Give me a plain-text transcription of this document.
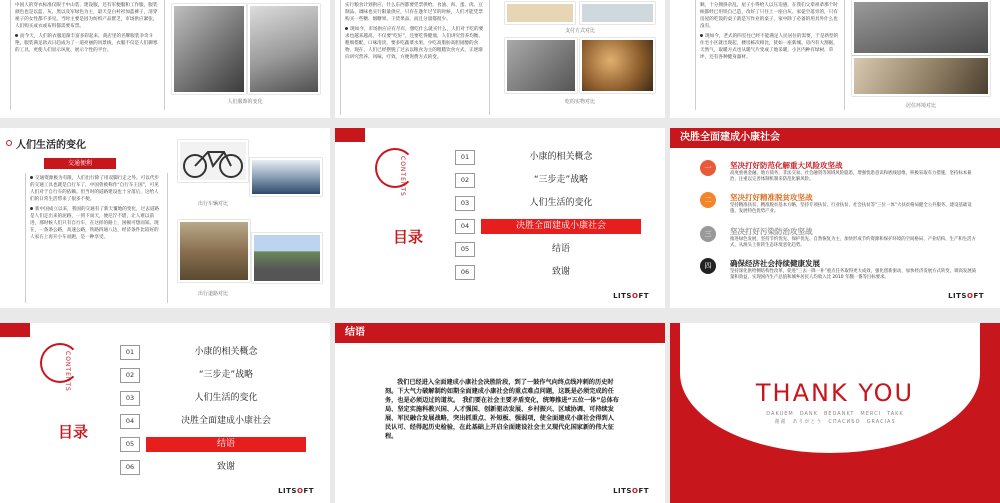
中国人的穿衣标准仅限于中山装、建设服，还有军便服和工作服，服装颜色也是以蓝、灰、黑以及军绿色为主，最天是白衬衫加蓝裤子，清穿裙子的女性都不多见。当时主要是因为纺织产品匮乏，市场供应紧张，人们购买成衣或布料都需要布票。

而今天，人们的衣服追渐丰富多彩起来，商店里的名牌服装争奇斗艳，服装满足款式日趋成为了一道亮丽的风景线，衣服不仅是人们御寒的工具，更使人们显示风度、展示个性的平台。

人们服饰的变化

实行粮食计划供应，什么东西都要凭票供给，食油、肉、蛋、肉、豆制品、调味也实行限量供应，只有在逢年过节的时候，人们才能凭票购买一些糖、烟糖果、干货果品、而且分量都很少。

现如今，市场供应应有尽有，想吃什么就买什么，人们对于吃的要求也越来越高，不仅要“吃好”，还要吃得健康，人们讲究营养均衡、粗细搭配，口味清淡，要多吃蔬菜水果，少吃高脂肪高胆固醇的食物，现在，人们已经摆脱了过去以粮食为主的粗糙饮食方式，正逐渐向讲究营养、风味、疗效、方便询费方式转变。

支付方式对比
吃的实物对比

顺，十分拥挤杂乱，屋子小得给人以压迫感，在我们父辈祖辈那个时候都经已用铁自己造，改好了只住上一座白灰、家徒空落旁的，只有房屋的吃饭的桌子就是写作业的桌子，家中除了必备的用具外什么也没有。

现如今，老式的四室往已经不能满足人民居住的需要，于是新型的住宅小区就出现起，楼房栋次相比，犹如一座新城。房内有大割据，天然气，取暖方式也从暖气片变成了地采暖，小区内种有绿树、草坪，还有各种健身器材。

居住环境对比
人们生活的变化
交通便利

交通资源极为有限，人们出行除了用双脚行走之外，可以代步的交通工具也就是自行车了，中国曾被称作“自行车王国”，可见人们对于自行车的依赖。但当时的道路建设也十分落后，这给人们的日常生活带来了很多不便。

新中国成立以来，我国的交通有了新天覆地的变化，过去道路是人们走出来的泥路，一到下雨天，便尼泞不堪，让人难以前进，那时候人们只有自行车，在这样的路上，困顿可想而知。现在，一条条公路，高速公路，铁路四通八达，经济条件比较好的人家在上再开小车而跑，是一种享受。

出行车辆对比
出行道路对比
CONTENTS
目录
01	小康的相关概念
02	“三步走”战略
03	人们生活的变化
04	决胜全面建成小康社会
05	结语
06	致谢
LITSOFT
决胜全面建成小康社会
一	坚决打好防范化解重大风险攻坚战
高度重视金融、地方债务、非法交易、社会融资等领域风险隐患，增强忧患意识和底线思维，积极采取有力措施，坚持标本兼治，注重以完善体制机制来防范化解风险。
二	坚决打好精准脱贫攻坚战
坚持精准扶贫、精准脱贫基本方略，坚持专项扶贫、行业扶贫、社会扶贫等“三位一体”大扶贫格局健全公共服务、建设基础设施、发展特色优势产业。
三	坚决打好污染防治攻坚战
推进绿色发展，坚持节约优先、保护优先、自然恢复为主，加快形成节约资源和保护环境的空间格局、产业结构、生产和生活方式，从源头上扭转生态环境恶化趋势。
四	确保经济社会持续健康发展
坚持深化供给侧结构性改革，促进“三去一降一补”重点任务取得更大成效，强化创新驱动，加快经济发展方式转变，调高发展质量和效益，实现国内生产总值和城乡居民人均收入比 2010 年翻一番等目标要求。
LITSOFT
CONTENTS
目录
01	小康的相关概念
02	“三步走”战略
03	人们生活的变化
04	决胜全面建成小康社会
05	结语
06	致谢
LITSOFT
结语
我们已经进入全面建成小康社会决胜阶段，到了一鼓作气向终点线冲刺的历史时刻。下大气力破解制约如期全面建成小康社会的重点难点问题，这既是必须完成的任务，也是必须迈过的道坎。　我们要在社会主要矛盾变化，统筹推进“五位一体”总体布局、坚定实施科教兴国、人才强国、创新驱动发展、乡村振兴、区域协调、可持续发展、军民融合发展战略，突出抓重点、补短板、强弱项，使全面建成小康社会得到人民认可、经得起历史检验，在此基础上开启全面建设社会主义现代化国家新的伟大征程。
LITSOFT
THANK YOU
DAKUEM　DANK　BEDANKT　MERCI　TAKK
谢谢　ありがとう　СПАСИБО　GRACIAS
